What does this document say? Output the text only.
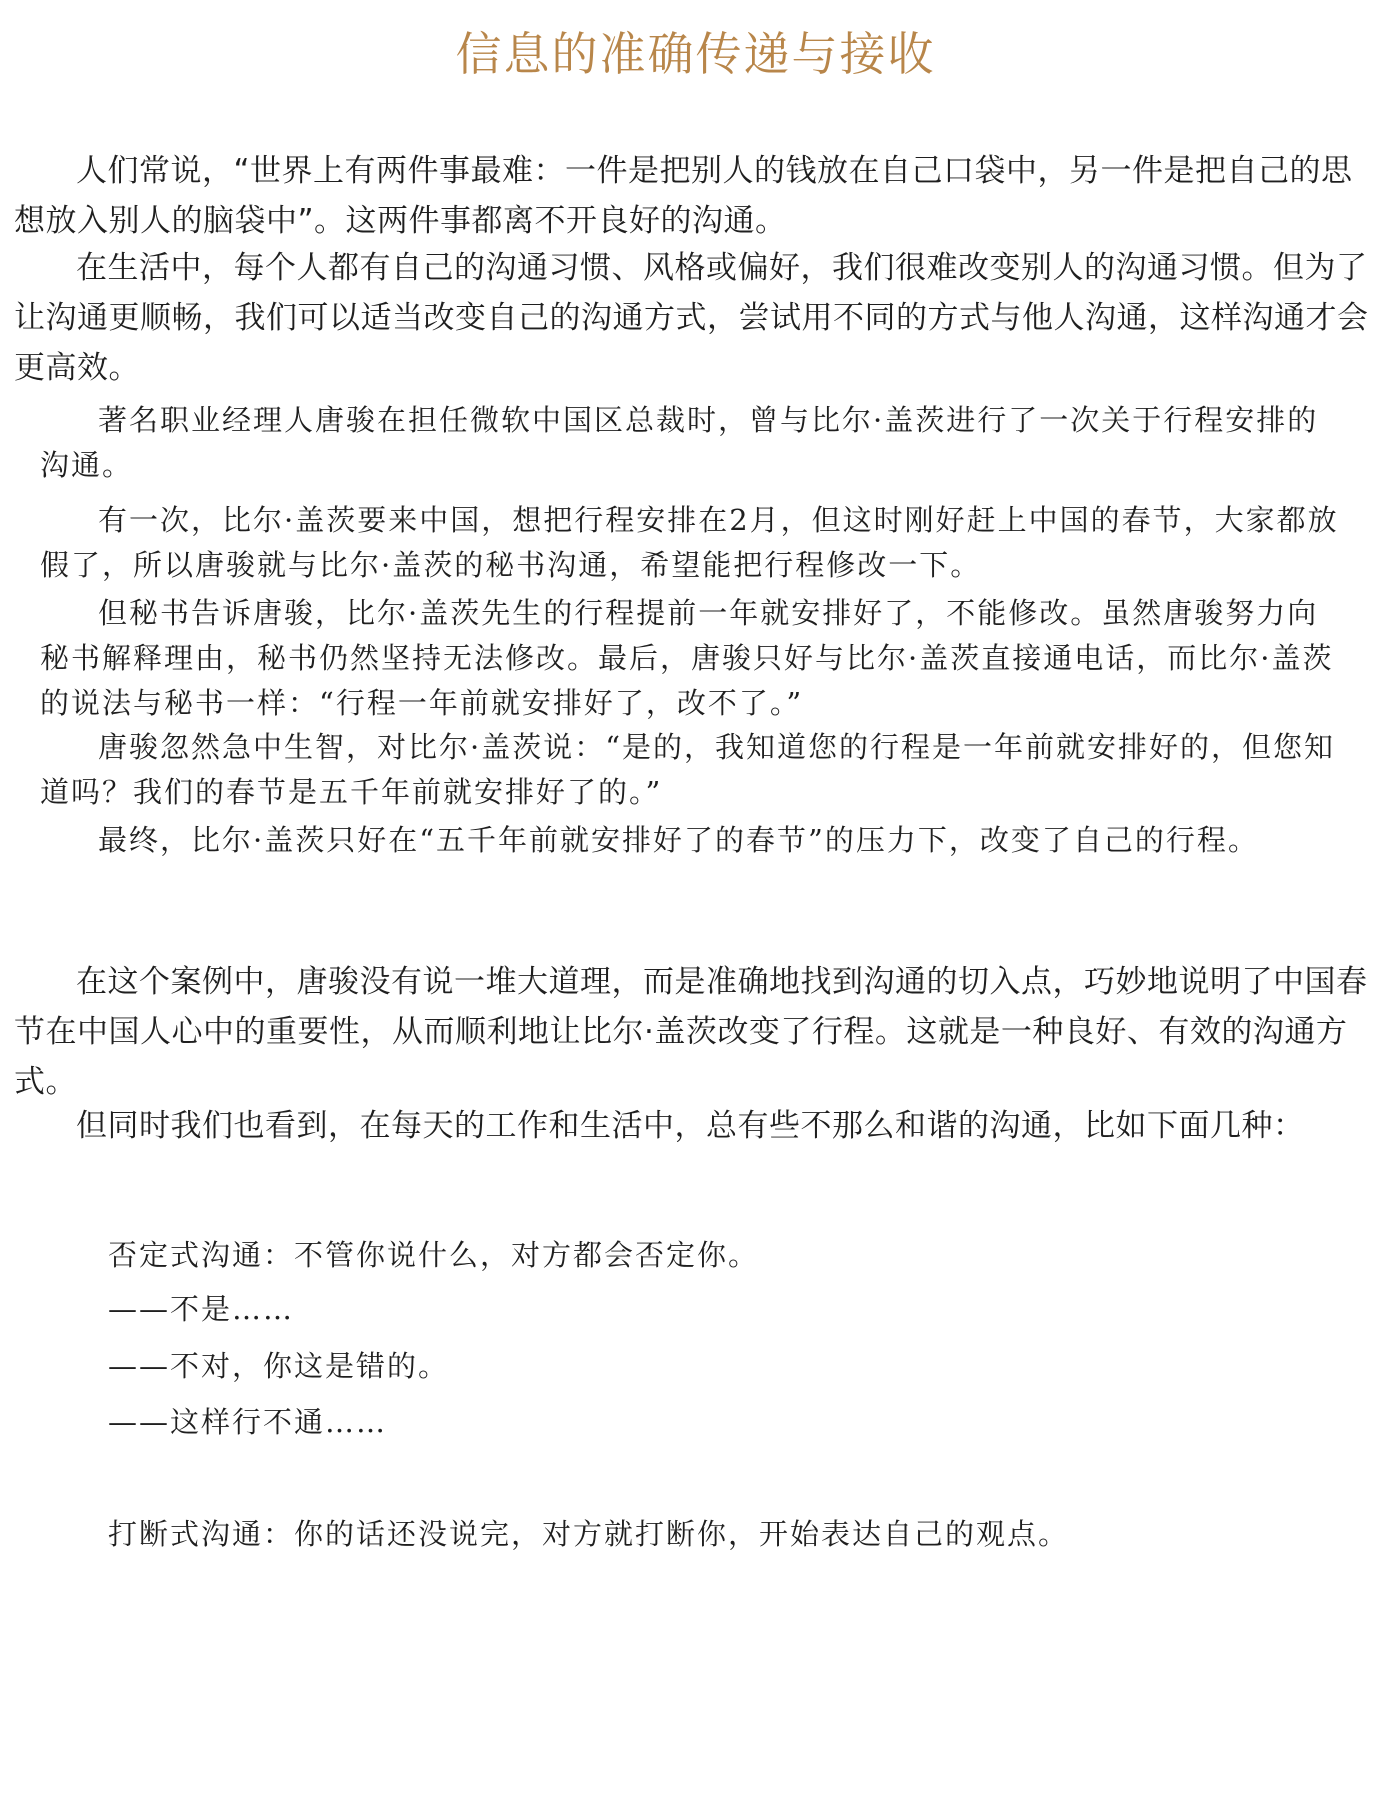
信息的准确传递与接收

人们常说，“世界上有两件事最难：一件是把别人的钱放在自己口袋中，另一件是把自己的思想放入别人的脑袋中”。这两件事都离不开良好的沟通。

在生活中，每个人都有自己的沟通习惯、风格或偏好，我们很难改变别人的沟通习惯。但为了让沟通更顺畅，我们可以适当改变自己的沟通方式，尝试用不同的方式与他人沟通，这样沟通才会更高效。

著名职业经理人唐骏在担任微软中国区总裁时，曾与比尔·盖茨进行了一次关于行程安排的沟通。

有一次，比尔·盖茨要来中国，想把行程安排在2月，但这时刚好赶上中国的春节，大家都放假了，所以唐骏就与比尔·盖茨的秘书沟通，希望能把行程修改一下。

但秘书告诉唐骏，比尔·盖茨先生的行程提前一年就安排好了，不能修改。虽然唐骏努力向秘书解释理由，秘书仍然坚持无法修改。最后，唐骏只好与比尔·盖茨直接通电话，而比尔·盖茨的说法与秘书一样：“行程一年前就安排好了，改不了。”

唐骏忽然急中生智，对比尔·盖茨说：“是的，我知道您的行程是一年前就安排好的，但您知道吗？我们的春节是五千年前就安排好了的。”

最终，比尔·盖茨只好在“五千年前就安排好了的春节”的压力下，改变了自己的行程。

在这个案例中，唐骏没有说一堆大道理，而是准确地找到沟通的切入点，巧妙地说明了中国春节在中国人心中的重要性，从而顺利地让比尔·盖茨改变了行程。这就是一种良好、有效的沟通方式。

但同时我们也看到，在每天的工作和生活中，总有些不那么和谐的沟通，比如下面几种：

否定式沟通：不管你说什么，对方都会否定你。

——不是……

——不对，你这是错的。

——这样行不通……

打断式沟通：你的话还没说完，对方就打断你，开始表达自己的观点。
